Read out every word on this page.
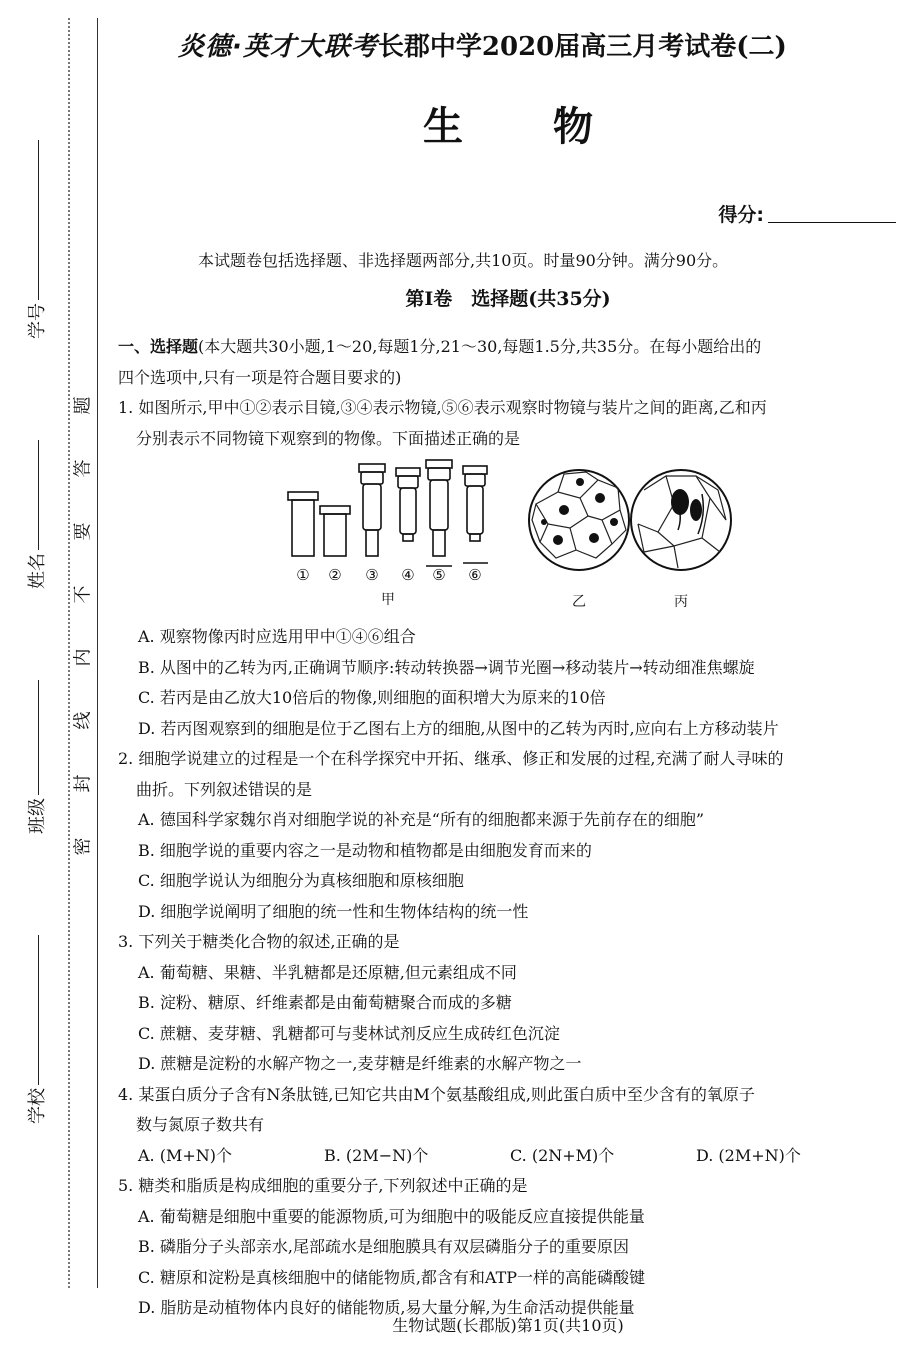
学号
姓名
班级
学校
题
答
要
不
内
线
封
密
炎德·英才大联考长郡中学2020届高三月考试卷(二)
生物
得分:
本试题卷包括选择题、非选择题两部分,共10页。时量90分钟。满分90分。
第Ⅰ卷　选择题(共35分)

一、选择题(本大题共30小题,1～20,每题1分,21～30,每题1.5分,共35分。在每小题给出的

四个选项中,只有一项是符合题目要求的)

1. 如图所示,甲中①②表示目镜,③④表示物镜,⑤⑥表示观察时物镜与装片之间的距离,乙和丙

分别表示不同物镜下观察到的物像。下面描述正确的是

① ② ③ ④ ⑤ ⑥
甲	乙	丙

A. 观察物像丙时应选用甲中①④⑥组合

B. 从图中的乙转为丙,正确调节顺序:转动转换器→调节光圈→移动装片→转动细准焦螺旋

C. 若丙是由乙放大10倍后的物像,则细胞的面积增大为原来的10倍

D. 若丙图观察到的细胞是位于乙图右上方的细胞,从图中的乙转为丙时,应向右上方移动装片

2. 细胞学说建立的过程是一个在科学探究中开拓、继承、修正和发展的过程,充满了耐人寻味的

曲折。下列叙述错误的是

A. 德国科学家魏尔肖对细胞学说的补充是“所有的细胞都来源于先前存在的细胞”

B. 细胞学说的重要内容之一是动物和植物都是由细胞发育而来的

C. 细胞学说认为细胞分为真核细胞和原核细胞

D. 细胞学说阐明了细胞的统一性和生物体结构的统一性

3. 下列关于糖类化合物的叙述,正确的是

A. 葡萄糖、果糖、半乳糖都是还原糖,但元素组成不同

B. 淀粉、糖原、纤维素都是由葡萄糖聚合而成的多糖

C. 蔗糖、麦芽糖、乳糖都可与斐林试剂反应生成砖红色沉淀

D. 蔗糖是淀粉的水解产物之一,麦芽糖是纤维素的水解产物之一

4. 某蛋白质分子含有N条肽链,已知它共由M个氨基酸组成,则此蛋白质中至少含有的氧原子

数与氮原子数共有

A. (M+N)个	B. (2M−N)个	C. (2N+M)个	D. (2M+N)个

5. 糖类和脂质是构成细胞的重要分子,下列叙述中正确的是

A. 葡萄糖是细胞中重要的能源物质,可为细胞中的吸能反应直接提供能量

B. 磷脂分子头部亲水,尾部疏水是细胞膜具有双层磷脂分子的重要原因

C. 糖原和淀粉是真核细胞中的储能物质,都含有和ATP一样的高能磷酸键

D. 脂肪是动植物体内良好的储能物质,易大量分解,为生命活动提供能量

生物试题(长郡版)第1页(共10页)
